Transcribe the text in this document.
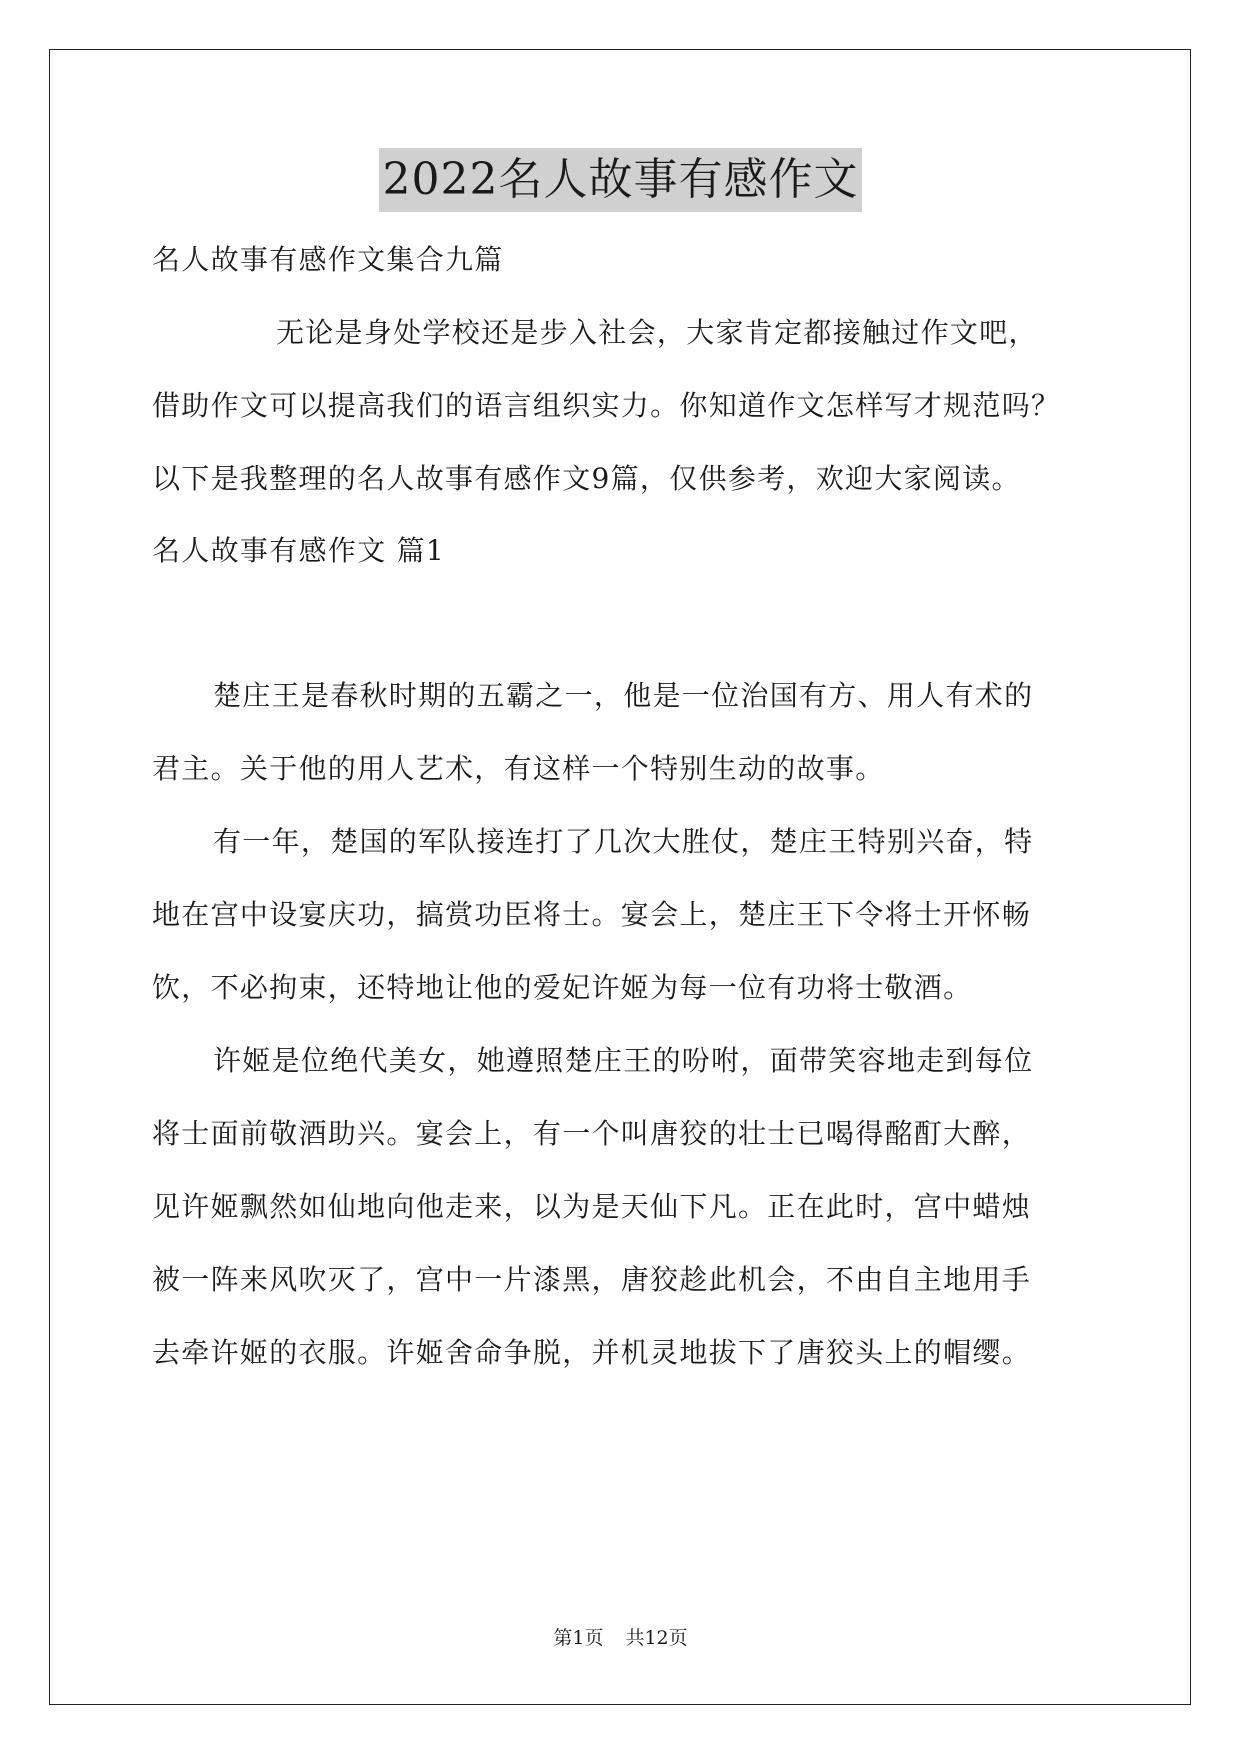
2022名人故事有感作文
名人故事有感作文集合九篇
无论是身处学校还是步入社会，大家肯定都接触过作文吧，
借助作文可以提高我们的语言组织实力。你知道作文怎样写才规范吗？
以下是我整理的名人故事有感作文9篇，仅供参考，欢迎大家阅读。
名人故事有感作文 篇1
楚庄王是春秋时期的五霸之一，他是一位治国有方、用人有术的
君主。关于他的用人艺术，有这样一个特别生动的故事。
有一年，楚国的军队接连打了几次大胜仗，楚庄王特别兴奋，特
地在宫中设宴庆功，搞赏功臣将士。宴会上，楚庄王下令将士开怀畅
饮，不必拘束，还特地让他的爱妃许姬为每一位有功将士敬酒。
许姬是位绝代美女，她遵照楚庄王的吩咐，面带笑容地走到每位
将士面前敬酒助兴。宴会上，有一个叫唐狡的壮士已喝得酩酊大醉，
见许姬飘然如仙地向他走来，以为是天仙下凡。正在此时，宫中蜡烛
被一阵来风吹灭了，宫中一片漆黑，唐狡趁此机会，不由自主地用手
去牵许姬的衣服。许姬舍命争脱，并机灵地拔下了唐狡头上的帽缨。
第1页 共12页
